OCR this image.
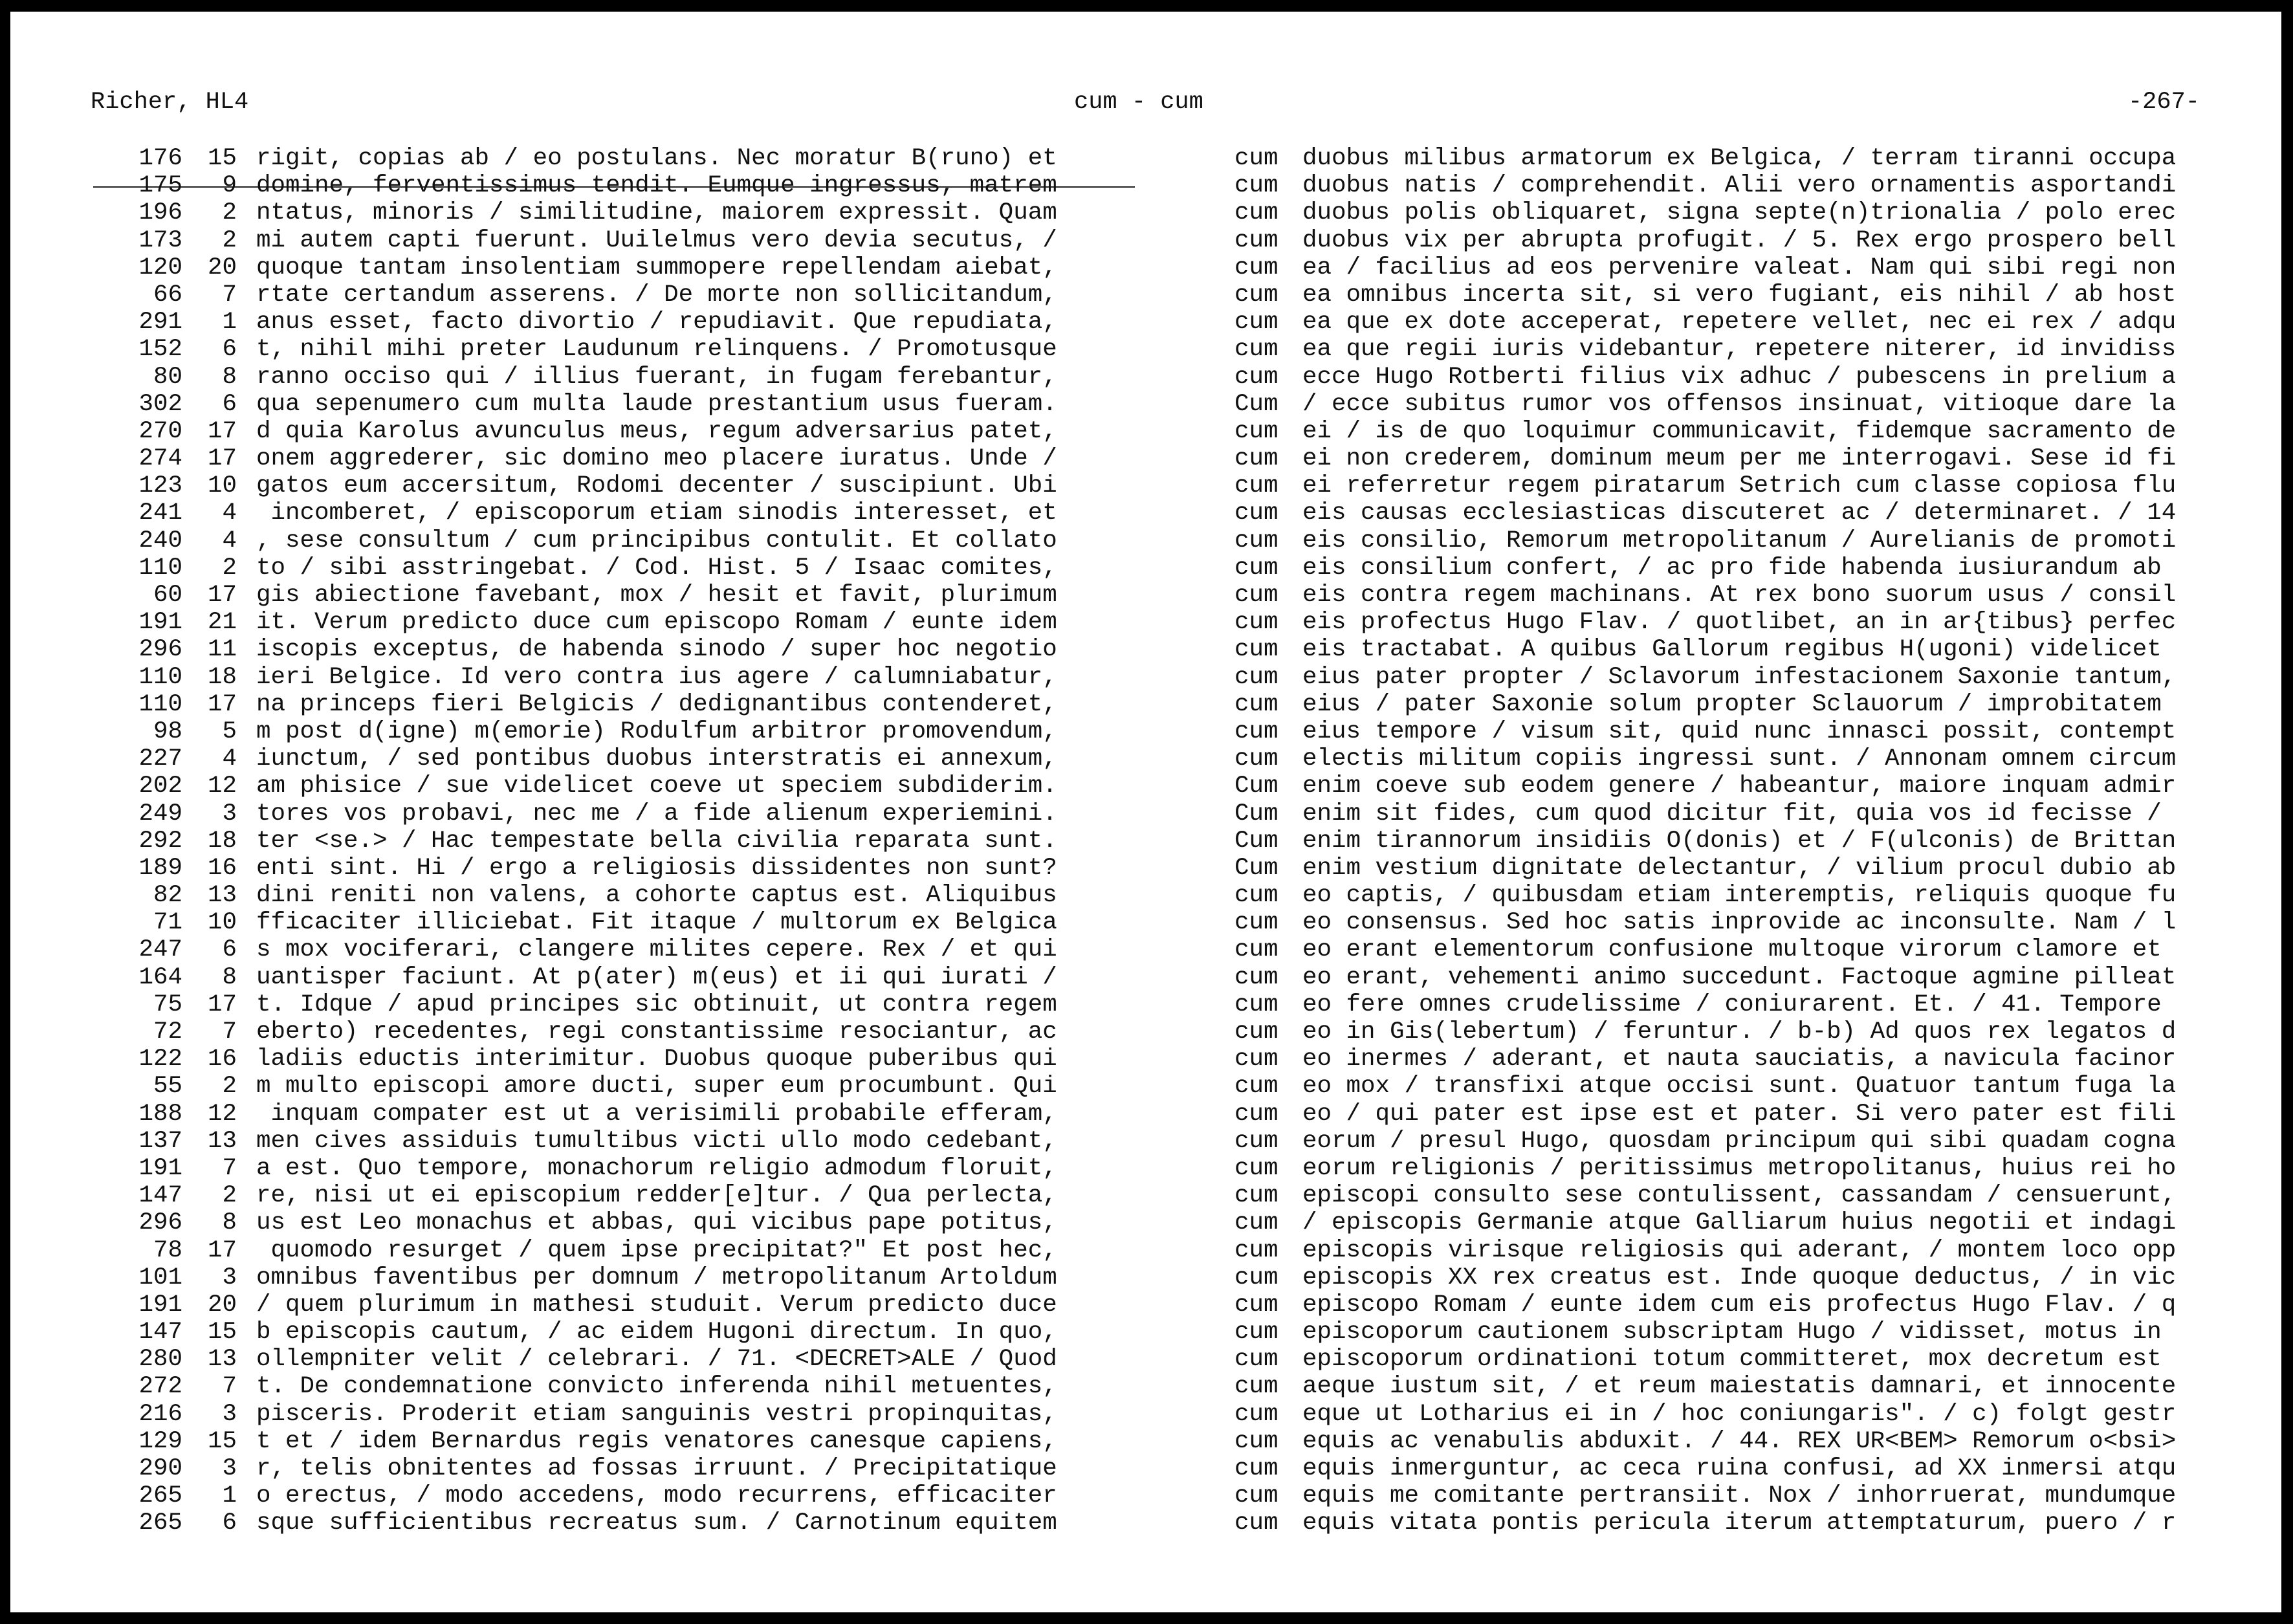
Richer, HL4	cum - cum	-267-
176 15 rigit, copias ab / eo postulans. Nec moratur B(runo) et	cum duobus milibus armatorum ex Belgica, / terram tiranni occupa
175 9 domine, ferventissimus tendit. Eumque ingressus, matrem	cum duobus natis / comprehendit. Alii vero ornamentis asportandi
196 2 ntatus, minoris / similitudine, maiorem expressit. Quam	cum duobus polis obliquaret, signa septe(n)trionalia / polo erec
173 2 mi autem capti fuerunt. Uuilelmus vero devia secutus, /	cum duobus vix per abrupta profugit. / 5. Rex ergo prospero bell
120 20 quoque tantam insolentiam summopere repellendam aiebat,	cum ea / facilius ad eos pervenire valeat. Nam qui sibi regi non
66 7 rtate certandum asserens. / De morte non sollicitandum,	cum ea omnibus incerta sit, si vero fugiant, eis nihil / ab host
291 1 anus esset, facto divortio / repudiavit. Que repudiata,	cum ea que ex dote acceperat, repetere vellet, nec ei rex / adqu
152 6 t, nihil mihi preter Laudunum relinquens. / Promotusque	cum ea que regii iuris videbantur, repetere niterer, id invidiss
80 8 ranno occiso qui / illius fuerant, in fugam ferebantur,	cum ecce Hugo Rotberti filius vix adhuc / pubescens in prelium a
302 6 qua sepenumero cum multa laude prestantium usus fueram.	Cum / ecce subitus rumor vos offensos insinuat, vitioque dare la
270 17 d quia Karolus avunculus meus, regum adversarius patet,	cum ei / is de quo loquimur communicavit, fidemque sacramento de
274 17 onem aggrederer, sic domino meo placere iuratus. Unde /	cum ei non crederem, dominum meum per me interrogavi. Sese id fi
123 10 gatos eum accersitum, Rodomi decenter / suscipiunt. Ubi	cum ei referretur regem piratarum Setrich cum classe copiosa flu
241 4 incomberet, / episcoporum etiam sinodis interesset, et	cum eis causas ecclesiasticas discuteret ac / determinaret. / 14
240 4 , sese consultum / cum principibus contulit. Et collato	cum eis consilio, Remorum metropolitanum / Aurelianis de promoti
110 2 to / sibi asstringebat. / Cod. Hist. 5 / Isaac comites,	cum eis consilium confert, / ac pro fide habenda iusiurandum ab
60 17 gis abiectione favebant, mox / hesit et favit, plurimum	cum eis contra regem machinans. At rex bono suorum usus / consil
191 21 it. Verum predicto duce cum episcopo Romam / eunte idem	cum eis profectus Hugo Flav. / quotlibet, an in ar{tibus} perfec
296 11 iscopis exceptus, de habenda sinodo / super hoc negotio	cum eis tractabat. A quibus Gallorum regibus H(ugoni) videlicet
110 18 ieri Belgice. Id vero contra ius agere / calumniabatur,	cum eius pater propter / Sclavorum infestacionem Saxonie tantum,
110 17 na princeps fieri Belgicis / dedignantibus contenderet,	cum eius / pater Saxonie solum propter Sclauorum / improbitatem
98 5 m post d(igne) m(emorie) Rodulfum arbitror promovendum,	cum eius tempore / visum sit, quid nunc innasci possit, contempt
227 4 iunctum, / sed pontibus duobus interstratis ei annexum,	cum electis militum copiis ingressi sunt. / Annonam omnem circum
202 12 am phisice / sue videlicet coeve ut speciem subdiderim.	Cum enim coeve sub eodem genere / habeantur, maiore inquam admir
249 3 tores vos probavi, nec me / a fide alienum experiemini.	Cum enim sit fides, cum quod dicitur fit, quia vos id fecisse /
292 18 ter <se.> / Hac tempestate bella civilia reparata sunt.	Cum enim tirannorum insidiis O(donis) et / F(ulconis) de Brittan
189 16 enti sint. Hi / ergo a religiosis dissidentes non sunt?	Cum enim vestium dignitate delectantur, / vilium procul dubio ab
82 13 dini reniti non valens, a cohorte captus est. Aliquibus	cum eo captis, / quibusdam etiam interemptis, reliquis quoque fu
71 10 fficaciter illiciebat. Fit itaque / multorum ex Belgica	cum eo consensus. Sed hoc satis inprovide ac inconsulte. Nam / l
247 6 s mox vociferari, clangere milites cepere. Rex / et qui	cum eo erant elementorum confusione multoque virorum clamore et
164 8 uantisper faciunt. At p(ater) m(eus) et ii qui iurati /	cum eo erant, vehementi animo succedunt. Factoque agmine pilleat
75 17 t. Idque / apud principes sic obtinuit, ut contra regem	cum eo fere omnes crudelissime / coniurarent. Et. / 41. Tempore
72 7 eberto) recedentes, regi constantissime resociantur, ac	cum eo in Gis(lebertum) / feruntur. / b-b) Ad quos rex legatos d
122 16 ladiis eductis interimitur. Duobus quoque puberibus qui	cum eo inermes / aderant, et nauta sauciatis, a navicula facinor
55 2 m multo episcopi amore ducti, super eum procumbunt. Qui	cum eo mox / transfixi atque occisi sunt. Quatuor tantum fuga la
188 12 inquam compater est ut a verisimili probabile efferam,	cum eo / qui pater est ipse est et pater. Si vero pater est fili
137 13 men cives assiduis tumultibus victi ullo modo cedebant,	cum eorum / presul Hugo, quosdam principum qui sibi quadam cogna
191 7 a est. Quo tempore, monachorum religio admodum floruit,	cum eorum religionis / peritissimus metropolitanus, huius rei ho
147 2 re, nisi ut ei episcopium redder[e]tur. / Qua perlecta,	cum episcopi consulto sese contulissent, cassandam / censuerunt,
296 8 us est Leo monachus et abbas, qui vicibus pape potitus,	cum / episcopis Germanie atque Galliarum huius negotii et indagi
78 17 quomodo resurget / quem ipse precipitat?" Et post hec,	cum episcopis virisque religiosis qui aderant, / montem loco opp
101 3 omnibus faventibus per domnum / metropolitanum Artoldum	cum episcopis XX rex creatus est. Inde quoque deductus, / in vic
191 20 / quem plurimum in mathesi studuit. Verum predicto duce	cum episcopo Romam / eunte idem cum eis profectus Hugo Flav. / q
147 15 b episcopis cautum, / ac eidem Hugoni directum. In quo,	cum episcoporum cautionem subscriptam Hugo / vidisset, motus in
280 13 ollempniter velit / celebrari. / 71. <DECRET>ALE / Quod	cum episcoporum ordinationi totum committeret, mox decretum est
272 7 t. De condemnatione convicto inferenda nihil metuentes,	cum aeque iustum sit, / et reum maiestatis damnari, et innocente
216 3 pisceris. Proderit etiam sanguinis vestri propinquitas,	cum eque ut Lotharius ei in / hoc coniungaris". / c) folgt gestr
129 15 t et / idem Bernardus regis venatores canesque capiens,	cum equis ac venabulis abduxit. / 44. REX UR<BEM> Remorum o<bsi>
290 3 r, telis obnitentes ad fossas irruunt. / Precipitatique	cum equis inmerguntur, ac ceca ruina confusi, ad XX inmersi atqu
265 1 o erectus, / modo accedens, modo recurrens, efficaciter	cum equis me comitante pertransiit. Nox / inhorruerat, mundumque
265 6 sque sufficientibus recreatus sum. / Carnotinum equitem	cum equis vitata pontis pericula iterum attemptaturum, puero / r
